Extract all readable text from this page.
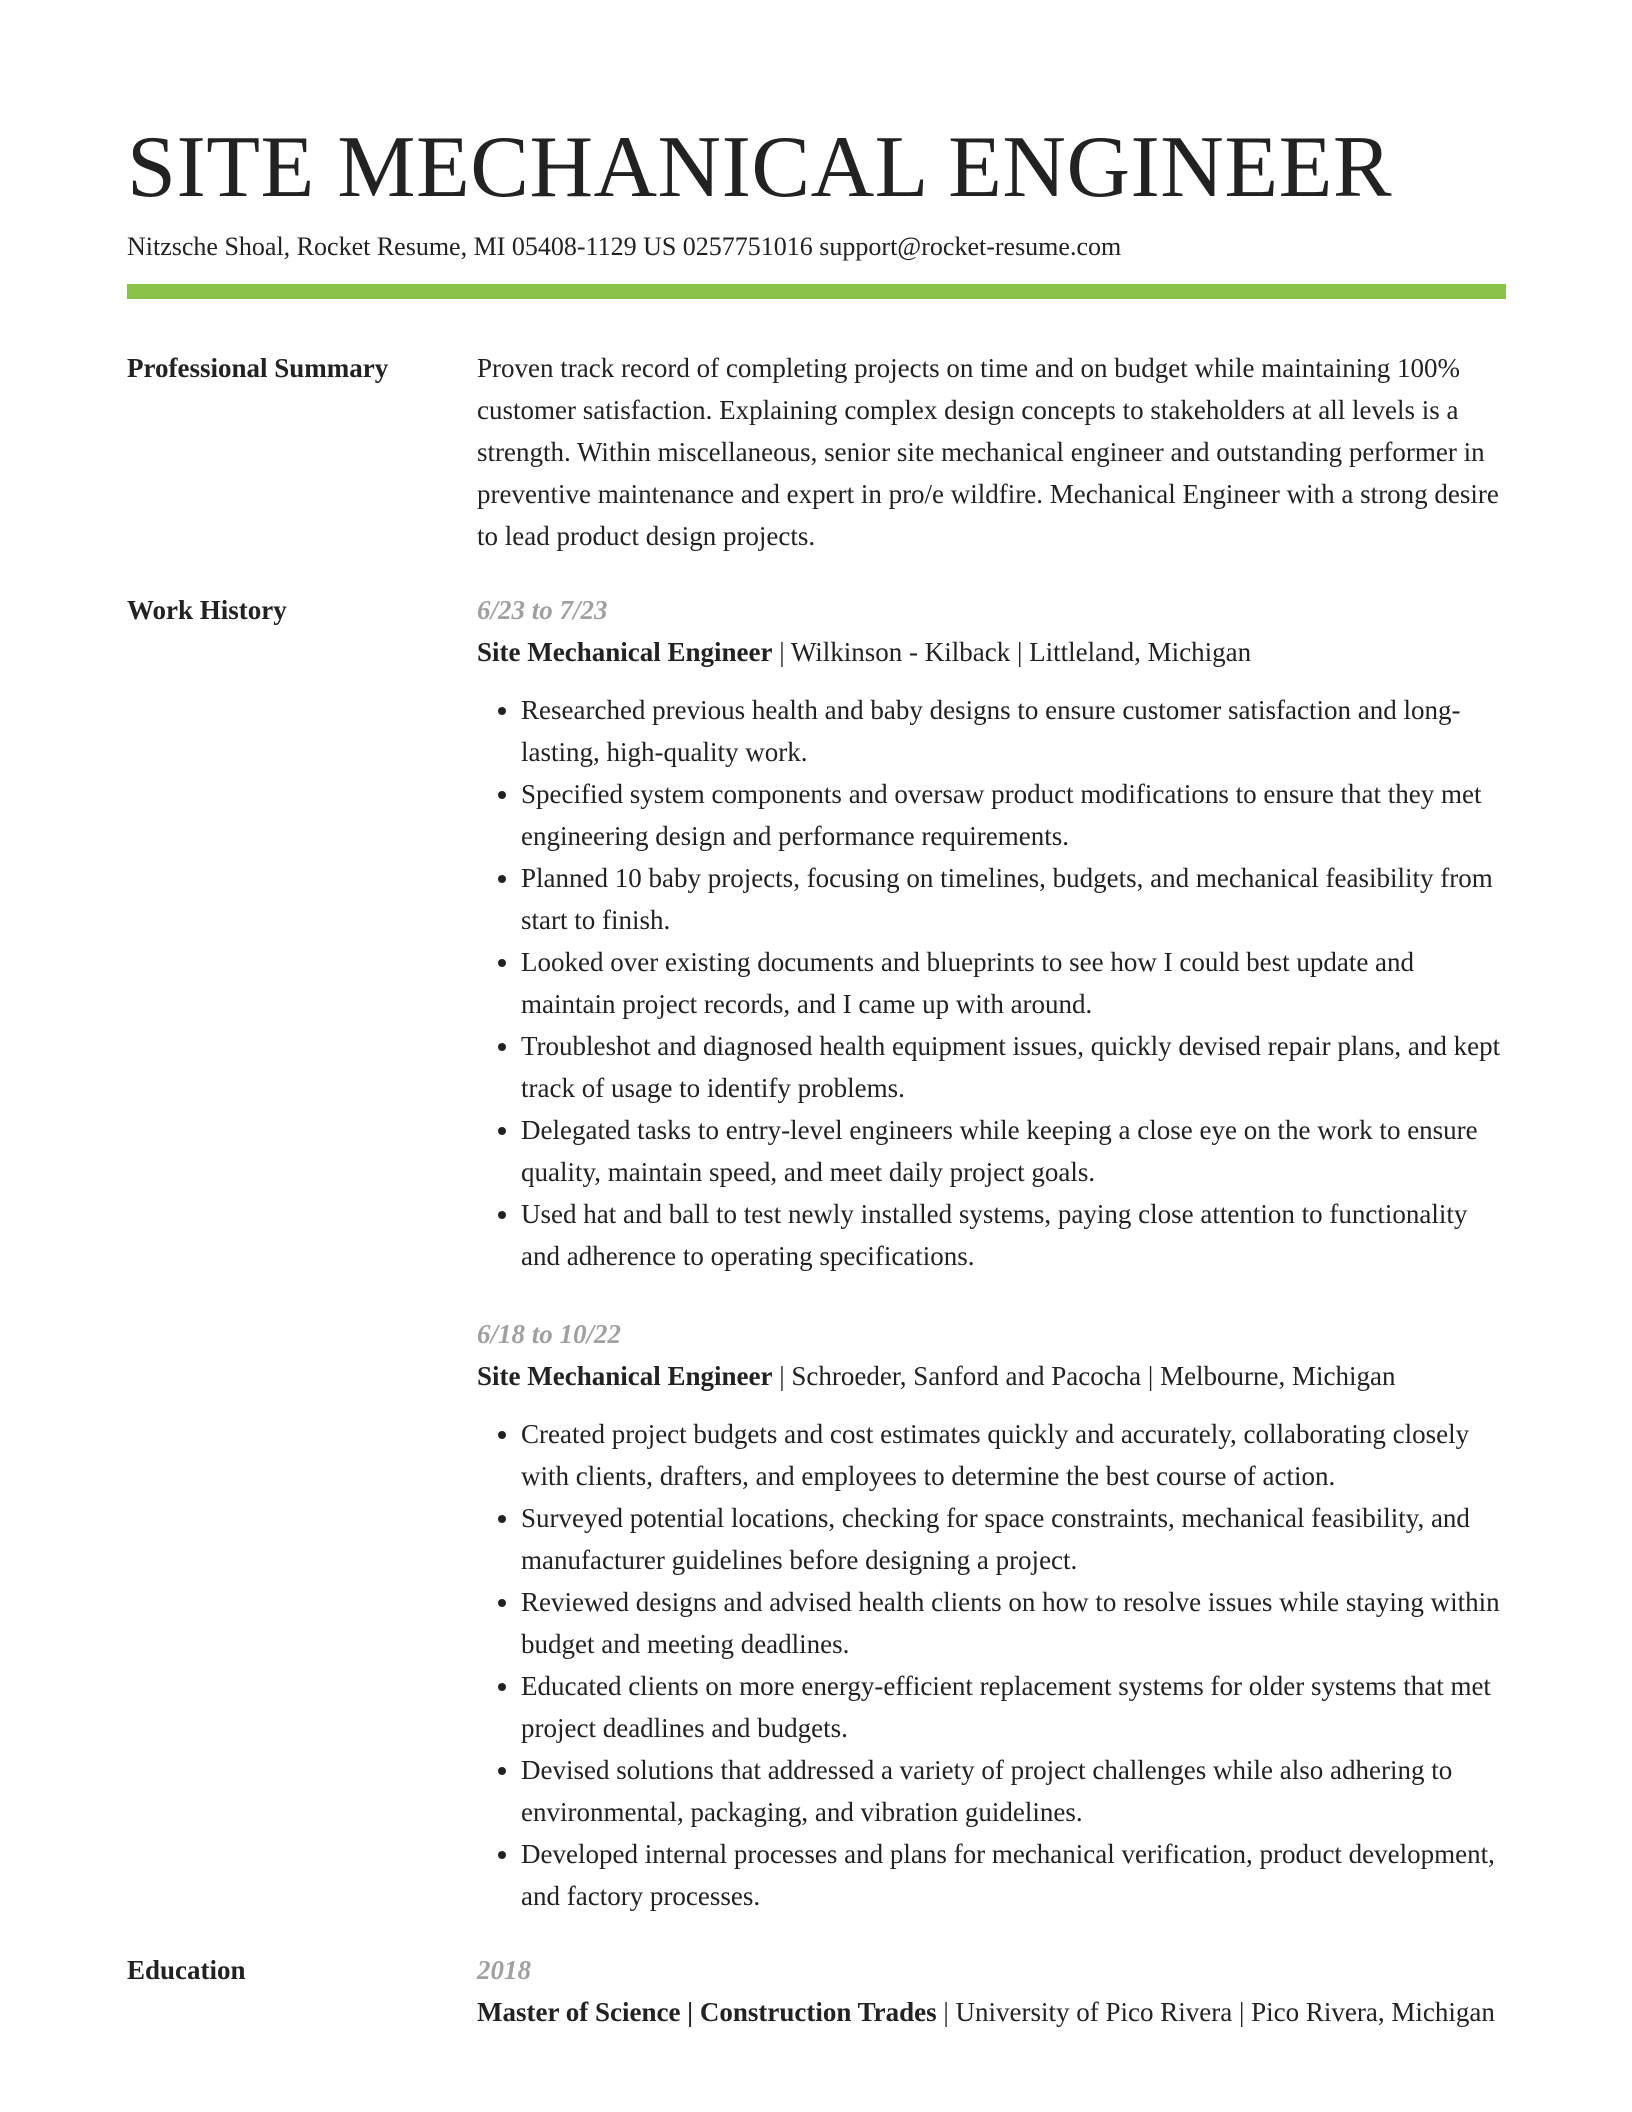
SITE MECHANICAL ENGINEER
Nitzsche Shoal, Rocket Resume, MI 05408-1129 US 0257751016 support@rocket-resume.com
Professional Summary	Proven track record of completing projects on time and on budget while maintaining 100% customer satisfaction. Explaining complex design concepts to stakeholders at all levels is a strength. Within miscellaneous, senior site mechanical engineer and outstanding performer in preventive maintenance and expert in pro/e wildfire. Mechanical Engineer with a strong desire to lead product design projects.
Work History	6/23 to 7/23
Site Mechanical Engineer | Wilkinson - Kilback | Littleland, Michigan
• Researched previous health and baby designs to ensure customer satisfaction and long-lasting, high-quality work.
• Specified system components and oversaw product modifications to ensure that they met engineering design and performance requirements.
• Planned 10 baby projects, focusing on timelines, budgets, and mechanical feasibility from start to finish.
• Looked over existing documents and blueprints to see how I could best update and maintain project records, and I came up with around.
• Troubleshot and diagnosed health equipment issues, quickly devised repair plans, and kept track of usage to identify problems.
• Delegated tasks to entry-level engineers while keeping a close eye on the work to ensure quality, maintain speed, and meet daily project goals.
• Used hat and ball to test newly installed systems, paying close attention to functionality and adherence to operating specifications.
6/18 to 10/22
Site Mechanical Engineer | Schroeder, Sanford and Pacocha | Melbourne, Michigan
• Created project budgets and cost estimates quickly and accurately, collaborating closely with clients, drafters, and employees to determine the best course of action.
• Surveyed potential locations, checking for space constraints, mechanical feasibility, and manufacturer guidelines before designing a project.
• Reviewed designs and advised health clients on how to resolve issues while staying within budget and meeting deadlines.
• Educated clients on more energy-efficient replacement systems for older systems that met project deadlines and budgets.
• Devised solutions that addressed a variety of project challenges while also adhering to environmental, packaging, and vibration guidelines.
• Developed internal processes and plans for mechanical verification, product development, and factory processes.
Education	2018
Master of Science | Construction Trades | University of Pico Rivera | Pico Rivera, Michigan
